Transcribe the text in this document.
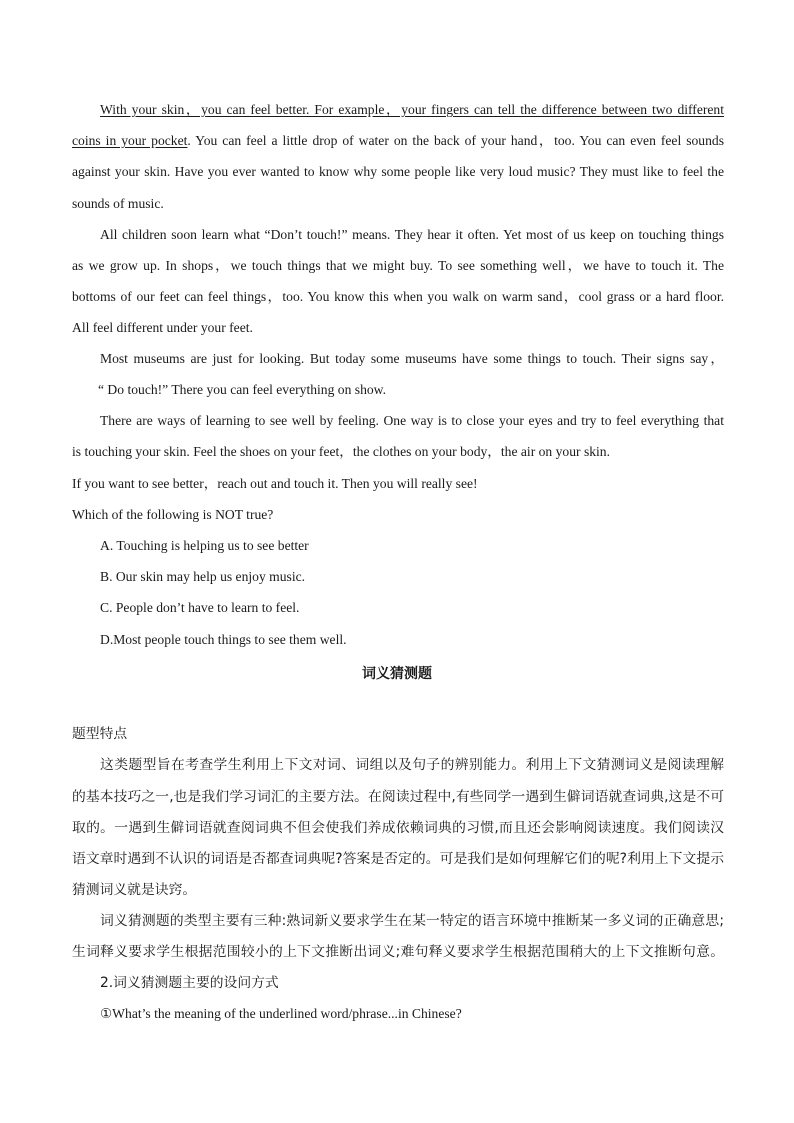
With your skin，you can feel better. For example，your fingers can tell the difference between two different
coins in your pocket. You can feel a little drop of water on the back of your hand，too. You can even feel sounds
against your skin. Have you ever wanted to know why some people like very loud music? They must like to feel the
sounds of music.
All children soon learn what “Don’t touch!” means. They hear it often. Yet most of us keep on touching things
as we grow up. In shops，we touch things that we might buy. To see something well，we have to touch it. The
bottoms of our feet can feel things，too. You know this when you walk on warm sand，cool grass or a hard floor.
All feel different under your feet.
Most museums are just for looking. But today some museums have some things to touch. Their signs say，
“ Do touch!” There you can feel everything on show.
There are ways of learning to see well by feeling. One way is to close your eyes and try to feel everything that
is touching your skin. Feel the shoes on your feet，the clothes on your body，the air on your skin.
If you want to see better，reach out and touch it. Then you will really see!
Which of the following is NOT true?
A. Touching is helping us to see better
B. Our skin may help us enjoy music.
C. People don’t have to learn to feel.
D.Most people touch things to see them well.
词义猜测题
题型特点
这类题型旨在考查学生利用上下文对词、词组以及句子的辨别能力。利用上下文猜测词义是阅读理解
的基本技巧之一,也是我们学习词汇的主要方法。在阅读过程中,有些同学一遇到生僻词语就查词典,这是不可
取的。一遇到生僻词语就查阅词典不但会使我们养成依赖词典的习惯,而且还会影响阅读速度。我们阅读汉
语文章时遇到不认识的词语是否都查词典呢?答案是否定的。可是我们是如何理解它们的呢?利用上下文提示
猜测词义就是诀窍。
词义猜测题的类型主要有三种:熟词新义要求学生在某一特定的语言环境中推断某一多义词的正确意思;
生词释义要求学生根据范围较小的上下文推断出词义;难句释义要求学生根据范围稍大的上下文推断句意。
2.词义猜测题主要的设问方式
①What’s the meaning of the underlined word/phrase...in Chinese?
